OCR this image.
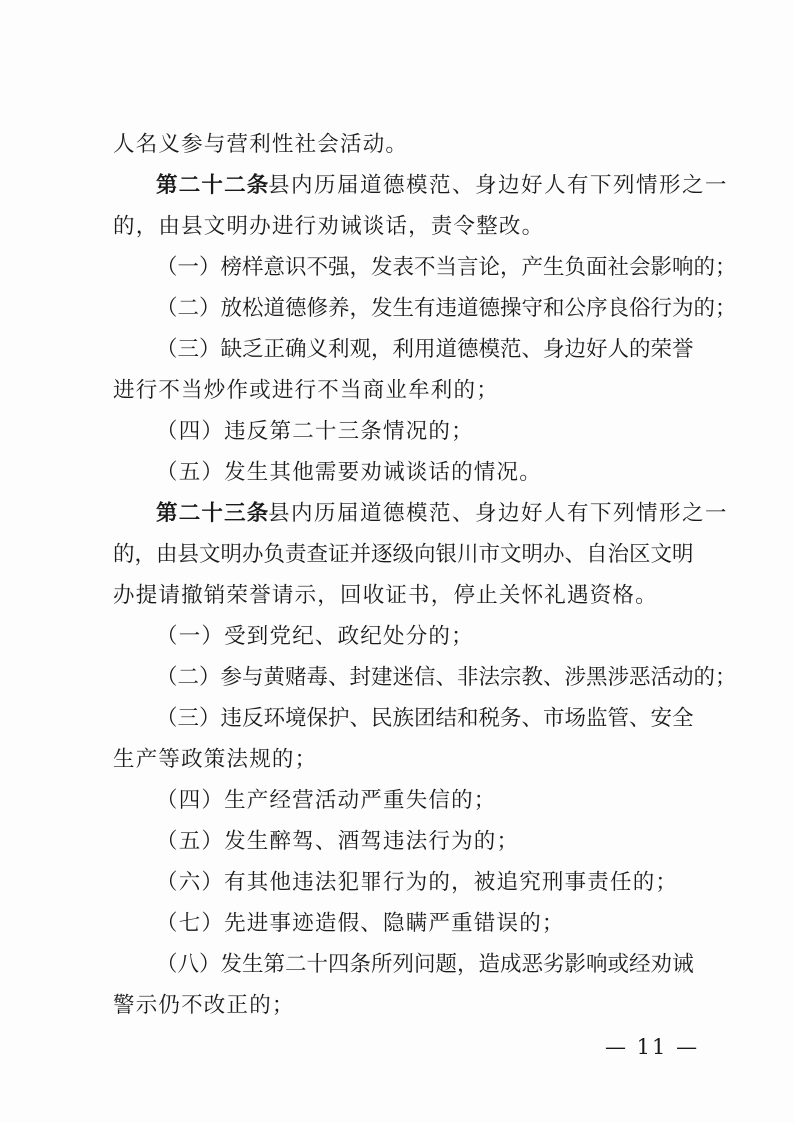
人名义参与营利性社会活动。
第二十二条
县内历届道德模范、身边好人有下列情形之一
的，由县文明办进行劝诫谈话，责令整改。
（一）榜样意识不强，发表不当言论，产生负面社会影响的；
（二）放松道德修养，发生有违道德操守和公序良俗行为的；
（三）缺乏正确义利观，利用道德模范、身边好人的荣誉
进行不当炒作或进行不当商业牟利的；
（四）违反第二十三条情况的；
（五）发生其他需要劝诫谈话的情况。
第二十三条
县内历届道德模范、身边好人有下列情形之一
的，由县文明办负责查证并逐级向银川市文明办、自治区文明
办提请撤销荣誉请示，回收证书，停止关怀礼遇资格。
（一）受到党纪、政纪处分的；
（二）参与黄赌毒、封建迷信、非法宗教、涉黑涉恶活动的；
（三）违反环境保护、民族团结和税务、市场监管、安全
生产等政策法规的；
（四）生产经营活动严重失信的；
（五）发生醉驾、酒驾违法行为的；
（六）有其他违法犯罪行为的，被追究刑事责任的；
（七）先进事迹造假、隐瞒严重错误的；
（八）发生第二十四条所列问题，造成恶劣影响或经劝诫
警示仍不改正的；
— 11 —
